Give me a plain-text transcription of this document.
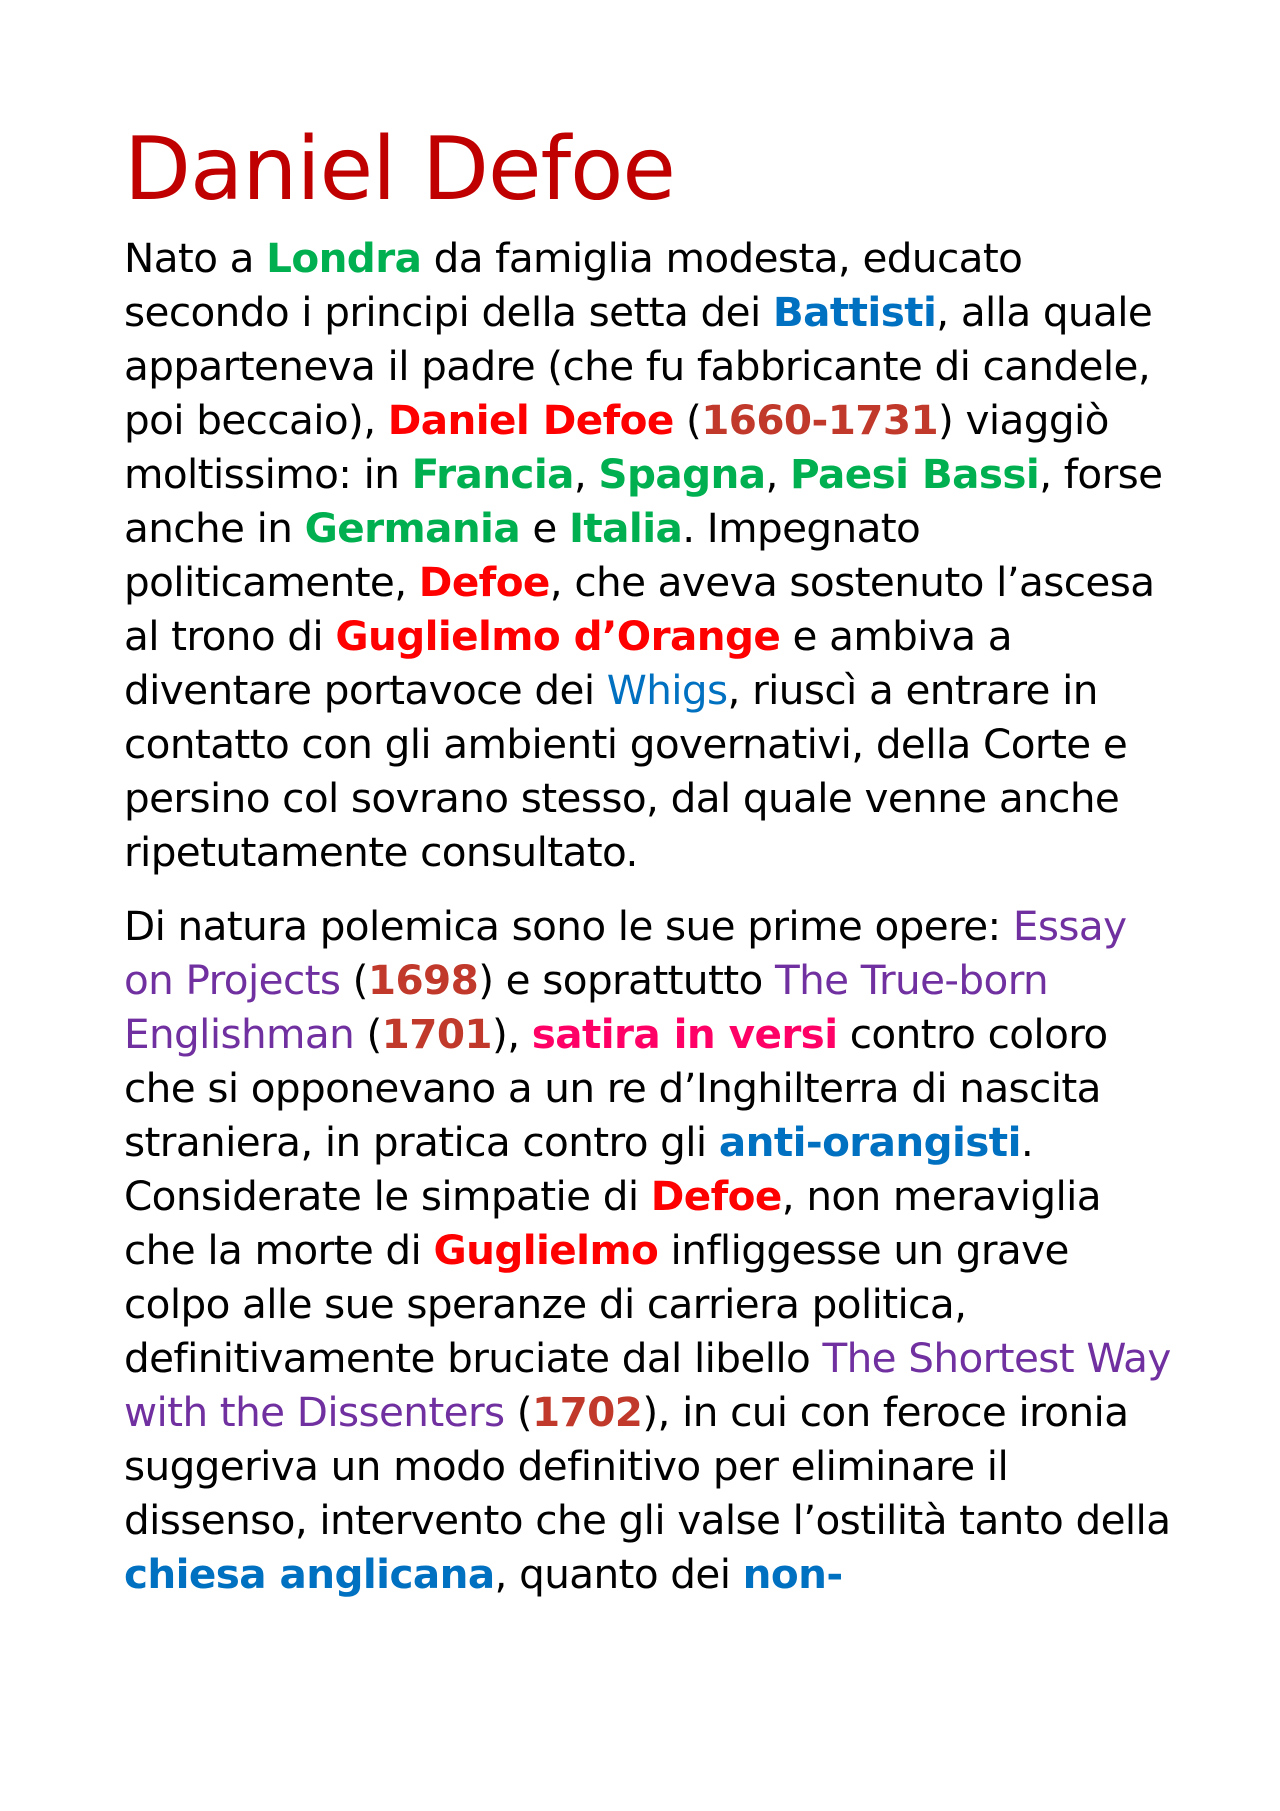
Daniel Defoe

Nato a Londra da famiglia modesta, educato secondo i principi della setta dei Battisti, alla quale apparteneva il padre (che fu fabbricante di candele, poi beccaio), Daniel Defoe (1660-1731) viaggiò moltissimo: in Francia, Spagna, Paesi Bassi, forse anche in Germania e Italia. Impegnato politicamente, Defoe, che aveva sostenuto l’ascesa al trono di Guglielmo d’Orange e ambiva a diventare portavoce dei Whigs, riuscì a entrare in contatto con gli ambienti governativi, della Corte e persino col sovrano stesso, dal quale venne anche ripetutamente consultato.

Di natura polemica sono le sue prime opere: Essay on Projects (1698) e soprattutto The True-born Englishman (1701), satira in versi contro coloro che si opponevano a un re d’Inghilterra di nascita straniera, in pratica contro gli anti-orangisti. Considerate le simpatie di Defoe, non meraviglia che la morte di Guglielmo infliggesse un grave colpo alle sue speranze di carriera politica, definitivamente bruciate dal libello The Shortest Way with the Dissenters (1702), in cui con feroce ironia suggeriva un modo definitivo per eliminare il dissenso, intervento che gli valse l’ostilità tanto della chiesa anglicana, quanto dei non-
